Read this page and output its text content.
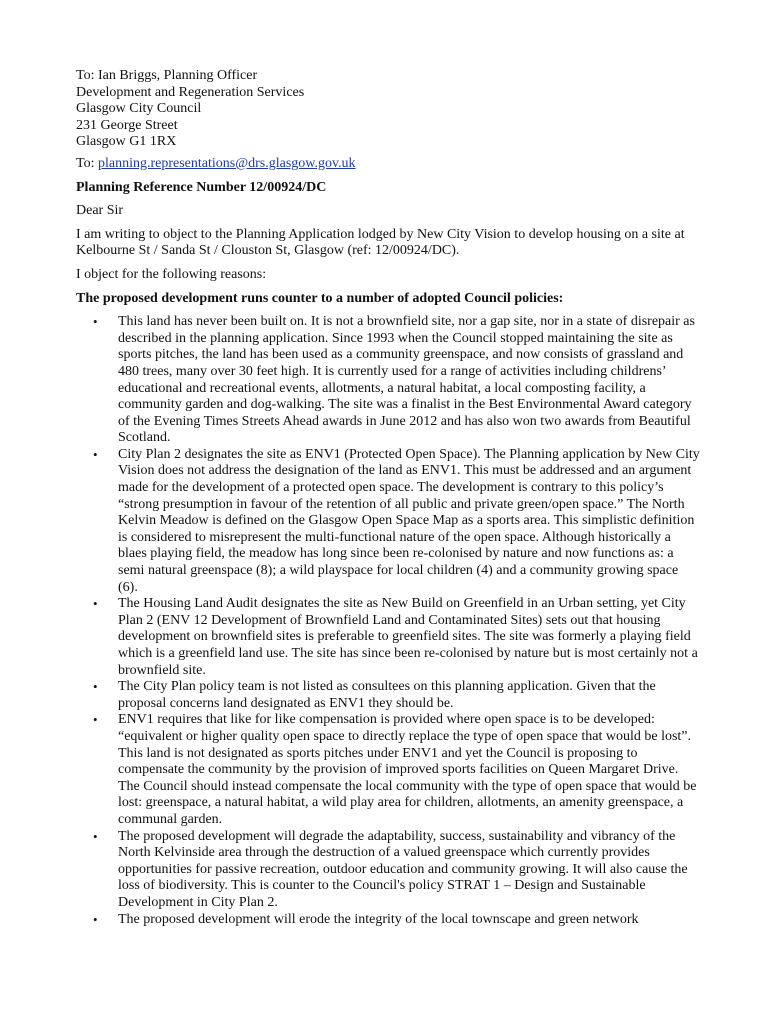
To: Ian Briggs, Planning Officer

Development and Regeneration Services

Glasgow City Council

231 George Street

Glasgow G1 1RX

To: planning.representations@drs.glasgow.gov.uk

Planning Reference Number 12/00924/DC

Dear Sir

I am writing to object to the Planning Application lodged by New City Vision to develop housing on a site at Kelbourne St / Sanda St / Clouston St, Glasgow (ref: 12/00924/DC).

I object for the following reasons:

The proposed development runs counter to a number of adopted Council policies:

• This land has never been built on. It is not a brownfield site, nor a gap site, nor in a state of disrepair as described in the planning application. Since 1993 when the Council stopped maintaining the site as sports pitches, the land has been used as a community greenspace, and now consists of grassland and 480 trees, many over 30 feet high. It is currently used for a range of activities including childrens’ educational and recreational events, allotments, a natural habitat, a local composting facility, a community garden and dog-walking. The site was a finalist in the Best Environmental Award category of the Evening Times Streets Ahead awards in June 2012 and has also won two awards from Beautiful Scotland.
• City Plan 2 designates the site as ENV1 (Protected Open Space). The Planning application by New City Vision does not address the designation of the land as ENV1. This must be addressed and an argument made for the development of a protected open space. The development is contrary to this policy’s “strong presumption in favour of the retention of all public and private green/open space.” The North Kelvin Meadow is defined on the Glasgow Open Space Map as a sports area. This simplistic definition is considered to misrepresent the multi-functional nature of the open space. Although historically a blaes playing field, the meadow has long since been re-colonised by nature and now functions as: a semi natural greenspace (8); a wild playspace for local children (4) and a community growing space (6).
• The Housing Land Audit designates the site as New Build on Greenfield in an Urban setting, yet City Plan 2 (ENV 12 Development of Brownfield Land and Contaminated Sites) sets out that housing development on brownfield sites is preferable to greenfield sites. The site was formerly a playing field which is a greenfield land use. The site has since been re-colonised by nature but is most certainly not a brownfield site.
• The City Plan policy team is not listed as consultees on this planning application. Given that the proposal concerns land designated as ENV1 they should be.
• ENV1 requires that like for like compensation is provided where open space is to be developed: “equivalent or higher quality open space to directly replace the type of open space that would be lost”. This land is not designated as sports pitches under ENV1 and yet the Council is proposing to compensate the community by the provision of improved sports facilities on Queen Margaret Drive. The Council should instead compensate the local community with the type of open space that would be lost: greenspace, a natural habitat, a wild play area for children, allotments, an amenity greenspace, a communal garden.
• The proposed development will degrade the adaptability, success, sustainability and vibrancy of the North Kelvinside area through the destruction of a valued greenspace which currently provides opportunities for passive recreation, outdoor education and community growing. It will also cause the loss of biodiversity. This is counter to the Council's policy STRAT 1 – Design and Sustainable Development in City Plan 2.
• The proposed development will erode the integrity of the local townscape and green network
